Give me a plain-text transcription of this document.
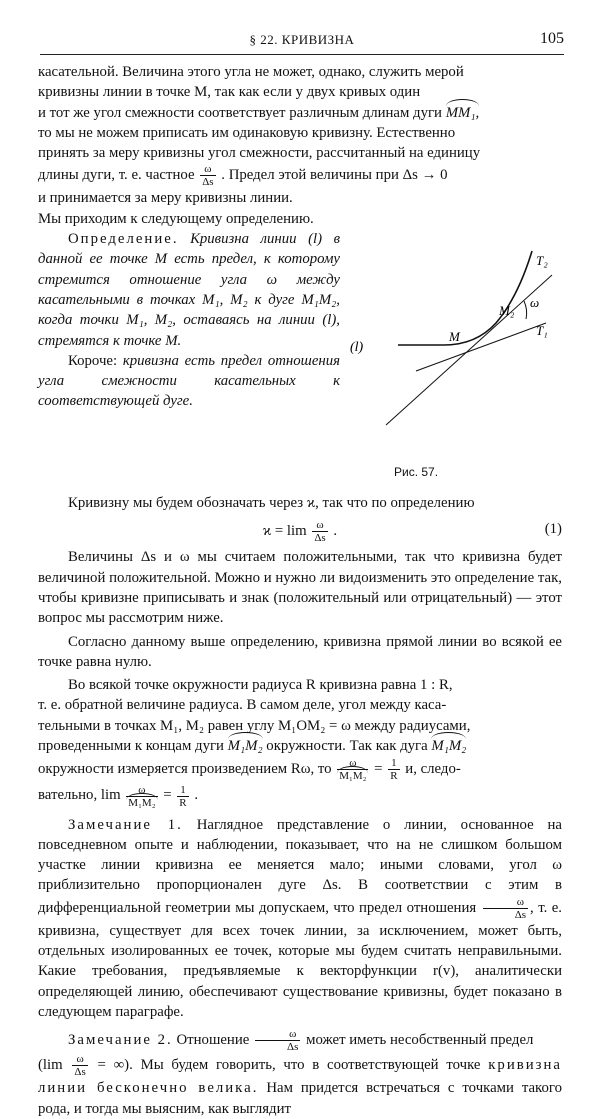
§ 22. КРИВИЗНА	105

касательной. Величина этого угла не может, однако, служить мерой

кривизны линии в точке M, так как если у двух кривых один

и тот же угол смежности соответствует различным длинам дуги MM₁,

то мы не можем приписать им одинаковую кривизну. Естественно

принять за меру кривизны угол смежности, рассчитанный на единицу

длины дуги, т. е. частное $\frac{\omega}{\Delta s}$ . Предел этой величины при Δs → 0

и принимается за меру кривизны линии.

Мы приходим к следующему определению.

Определение. Кривизна линии (l) в данной ее точке M есть предел, к которому стремится отношение угла ω между касательными в точках M₁, M₂ к дуге M₁M₂, когда точки M₁, M₂, оставаясь на линии (l), стремятся к точке M.

Короче: кривизна есть предел отношения угла смежности касательных к соответствующей дуге.

(l)
M
M₂
T₂
T₁
ω
Рис. 57.

Кривизну мы будем обозначать через ϰ, так что по определению

$ϰ = \lim \frac{\omega}{\Delta s}$ .	(1)

Величины Δs и ω мы считаем положительными, так что кривизна будет величиной положительной. Можно и нужно ли видоизменить это определение так, чтобы кривизне приписывать и знак (положительный или отрицательный) — этот вопрос мы рассмотрим ниже.

Согласно данному выше определению, кривизна прямой линии во всякой ее точке равна нулю.

Во всякой точке окружности радиуса R кривизна равна 1 : R,

т. е. обратной величине радиуса. В самом деле, угол между каса-

тельными в точках M₁, M₂ равен углу M₁OM₂ = ω между радиусами,

проведенными к концам дуги M₁M₂ окружности. Так как дуга M₁M₂

окружности измеряется произведением Rω, то $\frac{\omega}{\text{M₁M₂}} = \frac{1}{R} и$, следо-

вательно, $\lim \frac{\omega}{\text{M₁M₂}} = \frac{1}{R}$ .

Замечание 1. Наглядное представление о линии, основанное на повседневном опыте и наблюдении, показывает, что на не слишком большом участке линии кривизна ее меняется мало; иными словами, угол ω приблизительно пропорционален дуге Δs. В соответствии с этим в дифференциальной геометрии мы допускаем, что предел отношения $\frac{\omega}{\Delta s}$ , т. е. кривизна, существует для всех точек линии, за исключением, может быть, отдельных изолированных ее точек, которые мы будем считать неправильными. Какие требования, предъявляемые к векторфункции r(v), аналитически определяющей линию, обеспечивают существование кривизны, будет показано в следующем параграфе.

Замечание 2. Отношение $\frac{\omega}{\Delta s}$ может иметь несобственный предел

($\lim \frac{\omega}{\Delta s}$ = ∞). Мы будем говорить, что в соответствующей точке кривизна линии бесконечно велика. Нам придется встречаться с точками такого рода, и тогда мы выясним, как выглядит
